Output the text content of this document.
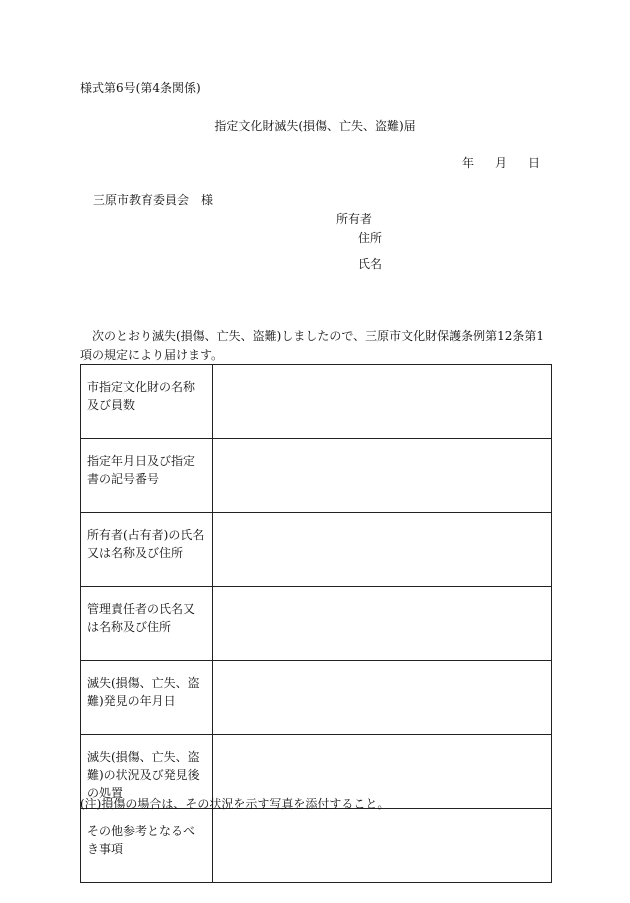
様式第6号(第4条関係)
指定文化財滅失(損傷、亡失、盗難)届
年 月 日
三原市教育委員会　様
所有者
住所
氏名
次のとおり滅失(損傷、亡失、盗難)しましたので、三原市文化財保護条例第12条第1項の規定により届けます。
市指定文化財の名称及び員数	
指定年月日及び指定書の記号番号	
所有者(占有者)の氏名又は名称及び住所	
管理責任者の氏名又は名称及び住所	
滅失(損傷、亡失、盗難)発見の年月日	
滅失(損傷、亡失、盗難)の状況及び発見後の処置	
その他参考となるべき事項	
(注)損傷の場合は、その状況を示す写真を添付すること。
